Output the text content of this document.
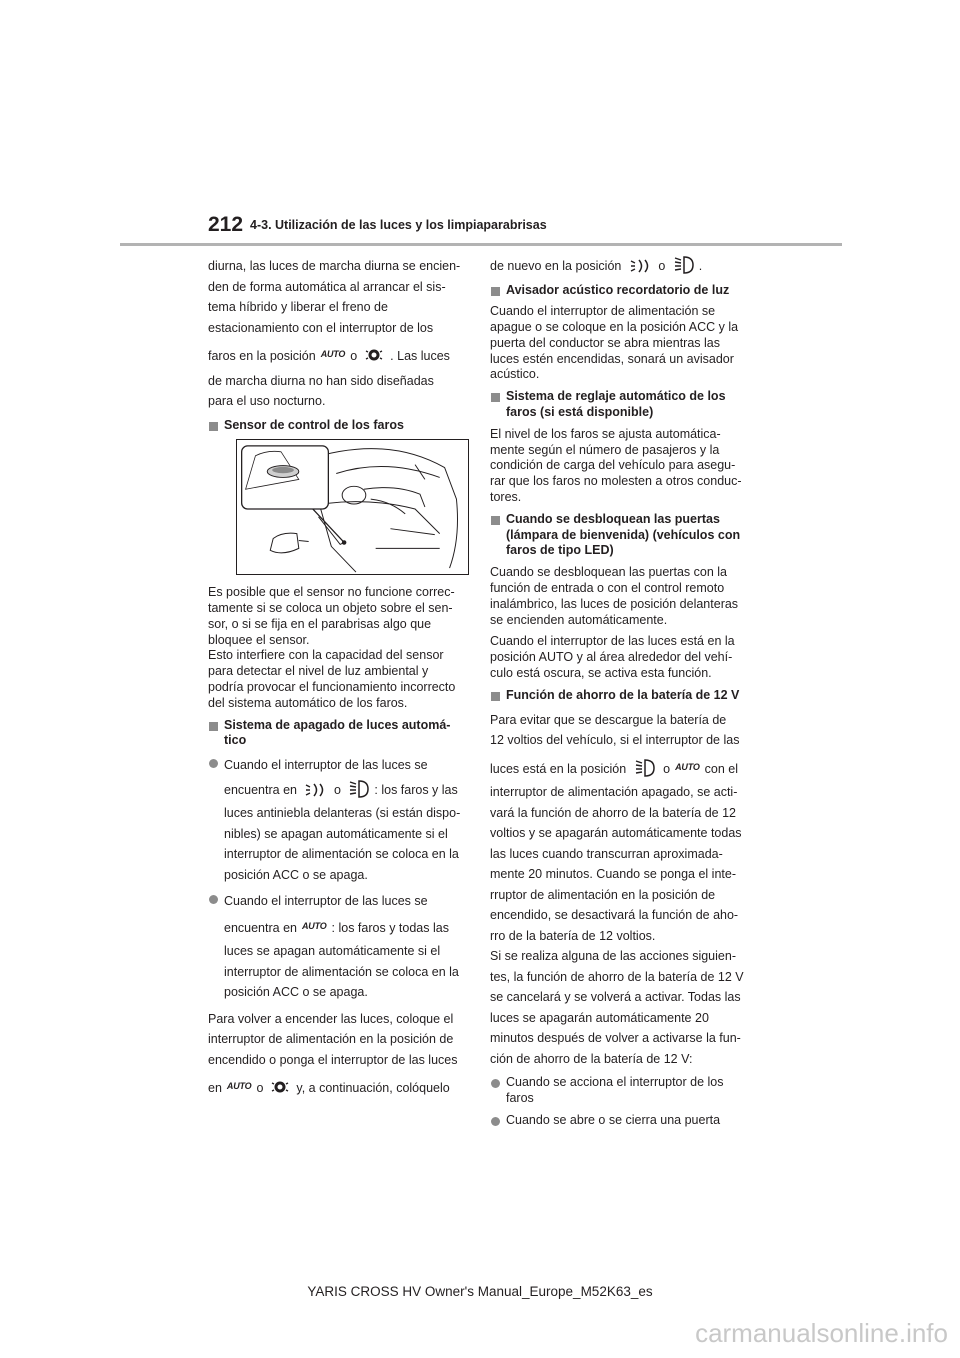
212 4-3. Utilización de las luces y los limpiaparabrisas

diurna, las luces de marcha diurna se encien-
den de forma automática al arrancar el sis-
tema híbrido y liberar el freno de
estacionamiento con el interruptor de los
faros en la posición AUTO o	. Las luces
de marcha diurna no han sido diseñadas
para el uso nocturno.

Sensor de control de los faros

Es posible que el sensor no funcione correc-
tamente si se coloca un objeto sobre el sen-
sor, o si se fija en el parabrisas algo que
bloquee el sensor.
Esto interfiere con la capacidad del sensor
para detectar el nivel de luz ambiental y
podría provocar el funcionamiento incorrecto
del sistema automático de los faros.

Sistema de apagado de luces automá-
tico
Cuando el interruptor de las luces se
encuentra en	o	: los faros y las
luces antiniebla delanteras (si están dispo-
nibles) se apagan automáticamente si el
interruptor de alimentación se coloca en la
posición ACC o se apaga.
Cuando el interruptor de las luces se
encuentra en AUTO : los faros y todas las
luces se apagan automáticamente si el
interruptor de alimentación se coloca en la
posición ACC o se apaga.

Para volver a encender las luces, coloque el
interruptor de alimentación en la posición de
encendido o ponga el interruptor de las luces
en AUTO o	y, a continuación, colóquelo

de nuevo en la posición	o	.

Avisador acústico recordatorio de luz

Cuando el interruptor de alimentación se
apague o se coloque en la posición ACC y la
puerta del conductor se abra mientras las
luces estén encendidas, sonará un avisador
acústico.

Sistema de reglaje automático de los
faros (si está disponible)

El nivel de los faros se ajusta automática-
mente según el número de pasajeros y la
condición de carga del vehículo para asegu-
rar que los faros no molesten a otros conduc-
tores.

Cuando se desbloquean las puertas
(lámpara de bienvenida) (vehículos con
faros de tipo LED)

Cuando se desbloquean las puertas con la
función de entrada o con el control remoto
inalámbrico, las luces de posición delanteras
se encienden automáticamente.

Cuando el interruptor de las luces está en la
posición AUTO y al área alrededor del vehí-
culo está oscura, se activa esta función.

Función de ahorro de la batería de 12 V

Para evitar que se descargue la batería de
12 voltios del vehículo, si el interruptor de las
luces está en la posición	o AUTO con el
interruptor de alimentación apagado, se acti-
vará la función de ahorro de la batería de 12
voltios y se apagarán automáticamente todas
las luces cuando transcurran aproximada-
mente 20 minutos. Cuando se ponga el inte-
rruptor de alimentación en la posición de
encendido, se desactivará la función de aho-
rro de la batería de 12 voltios.
Si se realiza alguna de las acciones siguien-
tes, la función de ahorro de la batería de 12 V
se cancelará y se volverá a activar. Todas las
luces se apagarán automáticamente 20
minutos después de volver a activarse la fun-
ción de ahorro de la batería de 12 V:

Cuando se acciona el interruptor de los
faros
Cuando se abre o se cierra una puerta
YARIS CROSS HV Owner's Manual_Europe_M52K63_es
carmanualsonline.info
